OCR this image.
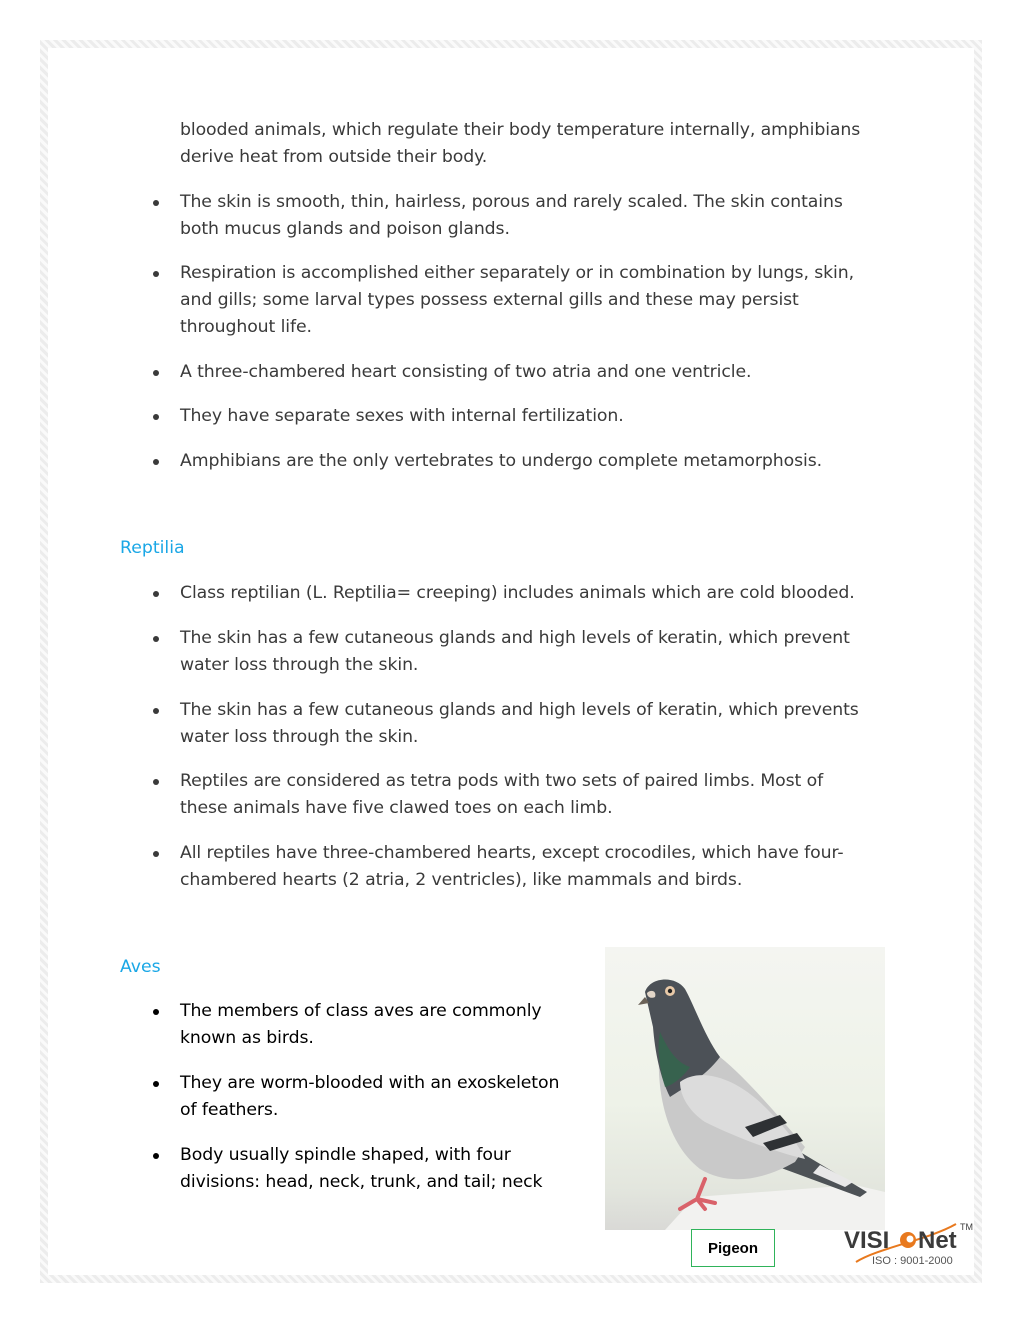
blooded animals, which regulate their body temperature internally, amphibians
derive heat from outside their body.
The skin is smooth, thin, hairless, porous and rarely scaled. The skin contains
both mucus glands and poison glands.
Respiration is accomplished either separately or in combination by lungs, skin,
and gills; some larval types possess external gills and these may persist
throughout life.
A three-chambered heart consisting of two atria and one ventricle.
They have separate sexes with internal fertilization.
Amphibians are the only vertebrates to undergo complete metamorphosis.
Reptilia
Class reptilian (L. Reptilia= creeping) includes animals which are cold blooded.
The skin has a few cutaneous glands and high levels of keratin, which prevent
water loss through the skin.
The skin has a few cutaneous glands and high levels of keratin, which prevents
water loss through the skin.
Reptiles are considered as tetra pods with two sets of paired limbs. Most of
these animals have five clawed toes on each limb.
All reptiles have three-chambered hearts, except crocodiles, which have four-
chambered hearts (2 atria, 2 ventricles), like mammals and birds.
Aves
The members of class aves are commonly
known as birds.
They are worm-blooded with an exoskeleton
of feathers.
Body usually spindle shaped, with four
divisions: head, neck, trunk, and tail; neck
Pigeon	VISI Net TM
ISO : 9001-2000
